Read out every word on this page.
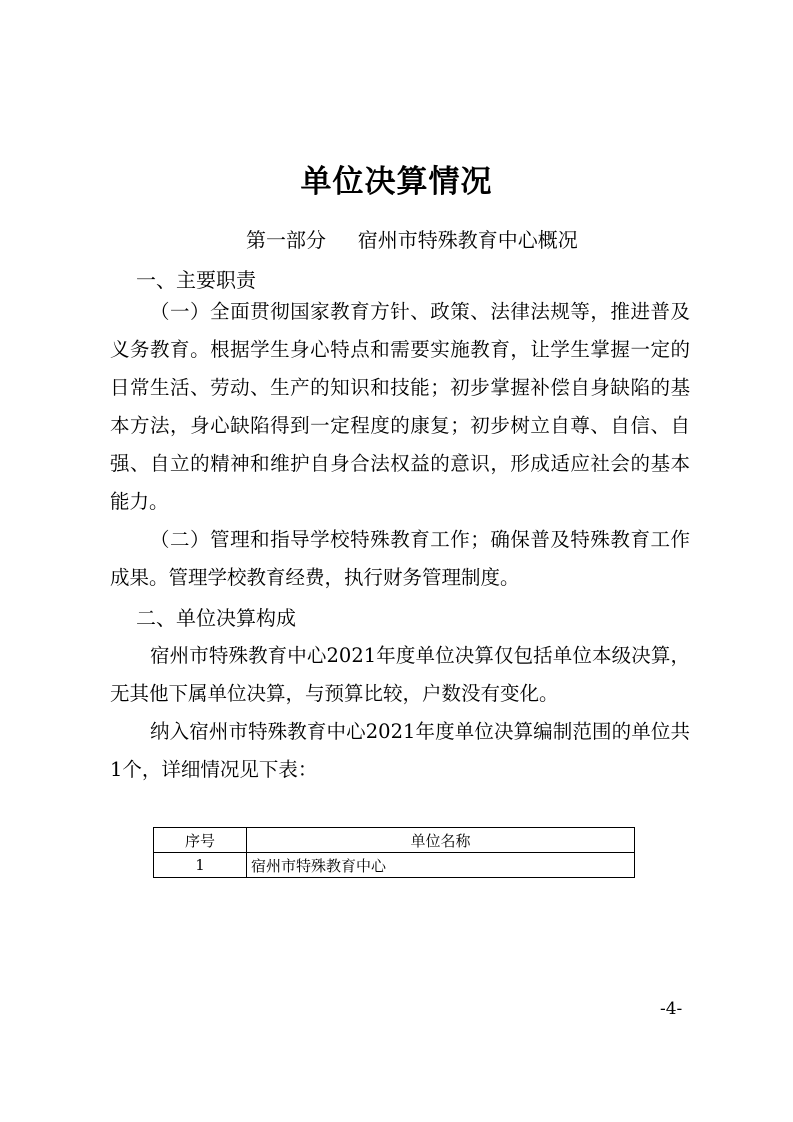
单位决算情况
第一部分     宿州市特殊教育中心概况
一、主要职责

（一）全面贯彻国家教育方针、政策、法律法规等，推进普及义务教育。根据学生身心特点和需要实施教育，让学生掌握一定的日常生活、劳动、生产的知识和技能；初步掌握补偿自身缺陷的基本方法，身心缺陷得到一定程度的康复；初步树立自尊、自信、自强、自立的精神和维护自身合法权益的意识，形成适应社会的基本能力。

（二）管理和指导学校特殊教育工作；确保普及特殊教育工作成果。管理学校教育经费，执行财务管理制度。

二、单位决算构成

宿州市特殊教育中心2021年度单位决算仅包括单位本级决算，无其他下属单位决算，与预算比较，户数没有变化。

纳入宿州市特殊教育中心2021年度单位决算编制范围的单位共1个，详细情况见下表：

序号	单位名称
1	宿州市特殊教育中心
-4-
